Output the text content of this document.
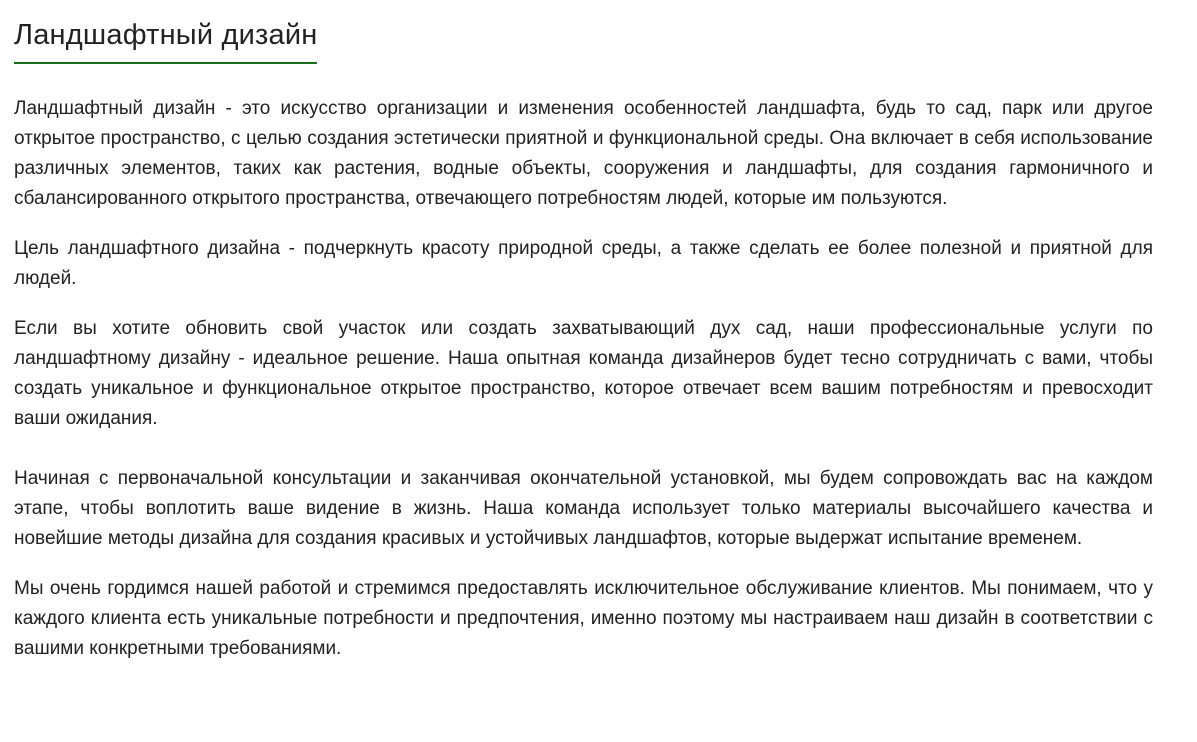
Ландшафтный дизайн

Ландшафтный дизайн - это искусство организации и изменения особенностей ландшафта, будь то сад, парк или другое открытое пространство, с целью создания эстетически приятной и функциональной среды. Она включает в себя использование различных элементов, таких как растения, водные объекты, сооружения и ландшафты, для создания гармоничного и сбалансированного открытого пространства, отвечающего потребностям людей, которые им пользуются.

Цель ландшафтного дизайна - подчеркнуть красоту природной среды, а также сделать ее более полезной и приятной для людей.

Если вы хотите обновить свой участок или создать захватывающий дух сад, наши профессиональные услуги по ландшафтному дизайну - идеальное решение. Наша опытная команда дизайнеров будет тесно сотрудничать с вами, чтобы создать уникальное и функциональное открытое пространство, которое отвечает всем вашим потребностям и превосходит ваши ожидания.

Начиная с первоначальной консультации и заканчивая окончательной установкой, мы будем сопровождать вас на каждом этапе, чтобы воплотить ваше видение в жизнь. Наша команда использует только материалы высочайшего качества и новейшие методы дизайна для создания красивых и устойчивых ландшафтов, которые выдержат испытание временем.

Мы очень гордимся нашей работой и стремимся предоставлять исключительное обслуживание клиентов. Мы понимаем, что у каждого клиента есть уникальные потребности и предпочтения, именно поэтому мы настраиваем наш дизайн в соответствии с вашими конкретными требованиями.
